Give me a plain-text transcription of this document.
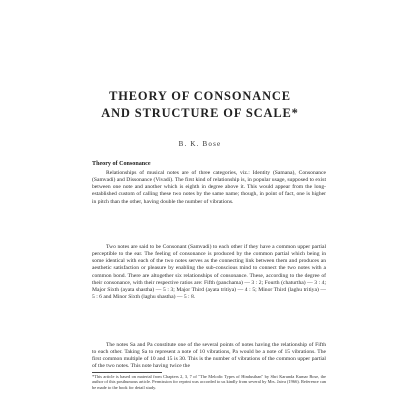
THEORY OF CONSONANCE
AND STRUCTURE OF SCALE*
B. K. Bose
Theory of Consonance
Relationships of musical notes are of three categories, viz.: Identity (Samana), Consonance (Samvadi) and Dissonance (Vivadi). The first kind of relationship is, in popular usage, supposed to exist between one note and another which is eighth in degree above it. This would appear from the long-established custom of calling these two notes by the same name; though, in point of fact, one is higher in pitch than the other, having double the number of vibrations.
Two notes are said to be Consonant (Samvadi) to each other if they have a common upper partial perceptible to the ear. The feeling of consonance is produced by the common partial which being in some identical with each of the two notes serves as the connecting link between them and produces an aesthetic satisfaction or pleasure by enabling the sub-conscious mind to connect the two notes with a common bond. There are altogether six relationships of consonance. These, according to the degree of their consonance, with their respective ratios are: Fifth (panchama) — 3 : 2; Fourth (chaturtha) — 3 : 4; Major Sixth (ayata shastha) — 5 : 3; Major Third (ayata tritiya) — 4 : 5; Minor Third (laghu tritiya) — 5 : 6 and Minor Sixth (laghu shastha) — 5 : 8.
The notes Sa and Pa constitute one of the several points of notes having the relationship of Fifth to each other. Taking Sa to represent a note of 10 vibrations, Pa would be a note of 15 vibrations. The first common multiple of 10 and 15 is 30. This is the number of vibrations of the common upper partial of the two notes. This note having twice the
*This article is based on material from Chapters 2, 3, 7 of "The Melodic Types of Hindusthan" by Shri Karunda Kumar Bose, the author of this posthumous article. Permission for reprint was accorded to us kindly from several by Mrs. Jaiva (1966). Reference can be made to the book for detail study.
